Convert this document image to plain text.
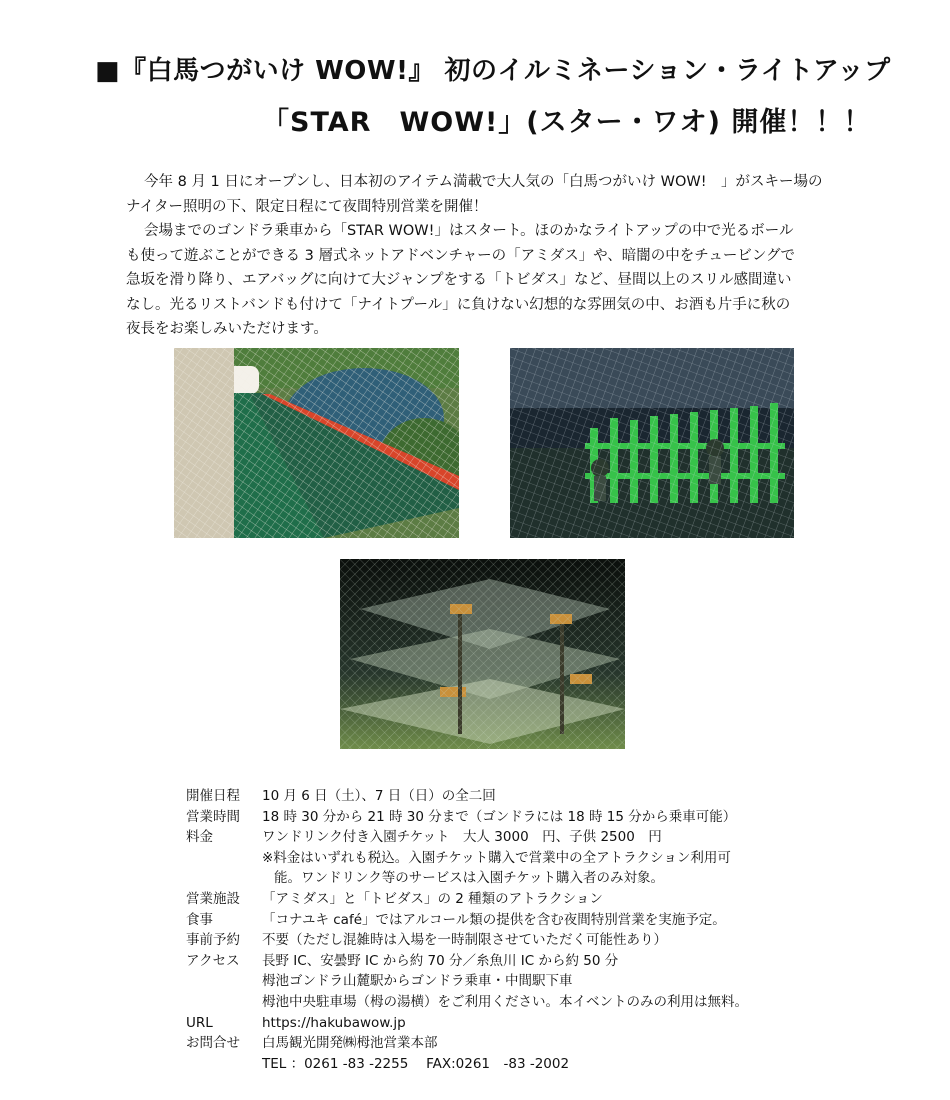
■『白馬つがいけ WOW!』 初のイルミネーション・ライトアップ
「STAR　WOW!」(スター・ワオ) 開催！！！

今年 8 月 1 日にオープンし、日本初のアイテム満載で大人気の「白馬つがいけ WOW!　」がスキー場の

ナイター照明の下、限定日程にて夜間特別営業を開催！

会場までのゴンドラ乗車から「STAR WOW!」はスタート。ほのかなライトアップの中で光るボール

も使って遊ぶことができる 3 層式ネットアドベンチャーの「アミダス」や、暗闇の中をチュービングで

急坂を滑り降り、エアバッグに向けて大ジャンプをする「トビダス」など、昼間以上のスリル感間違い

なし。光るリストバンドも付けて「ナイトプール」に負けない幻想的な雰囲気の中、お酒も片手に秋の

夜長をお楽しみいただけます。

開催日程	10 月 6 日（土）、7 日（日）の全二回
営業時間	18 時 30 分から 21 時 30 分まで（ゴンドラには 18 時 15 分から乗車可能）
料金	ワンドリンク付き入園チケット　大人 3000　円、子供 2500　円
※料金はいずれも税込。入園チケット購入で営業中の全アトラクション利用可
能。ワンドリンク等のサービスは入園チケット購入者のみ対象。
営業施設	「アミダス」と「トビダス」の 2 種類のアトラクション
食事	「コナユキ café」ではアルコール類の提供を含む夜間特別営業を実施予定。
事前予約	不要（ただし混雑時は入場を一時制限させていただく可能性あり）
アクセス	長野 IC、安曇野 IC から約 70 分／糸魚川 IC から約 50 分
栂池ゴンドラ山麓駅からゴンドラ乗車・中間駅下車
栂池中央駐車場（栂の湯横）をご利用ください。本イベントのみの利用は無料。
URL	https://hakubawow.jp
お問合せ	白馬観光開発㈱栂池営業本部
TEL ：0261 -83 -2255　 FAX:0261　-83 -2002
